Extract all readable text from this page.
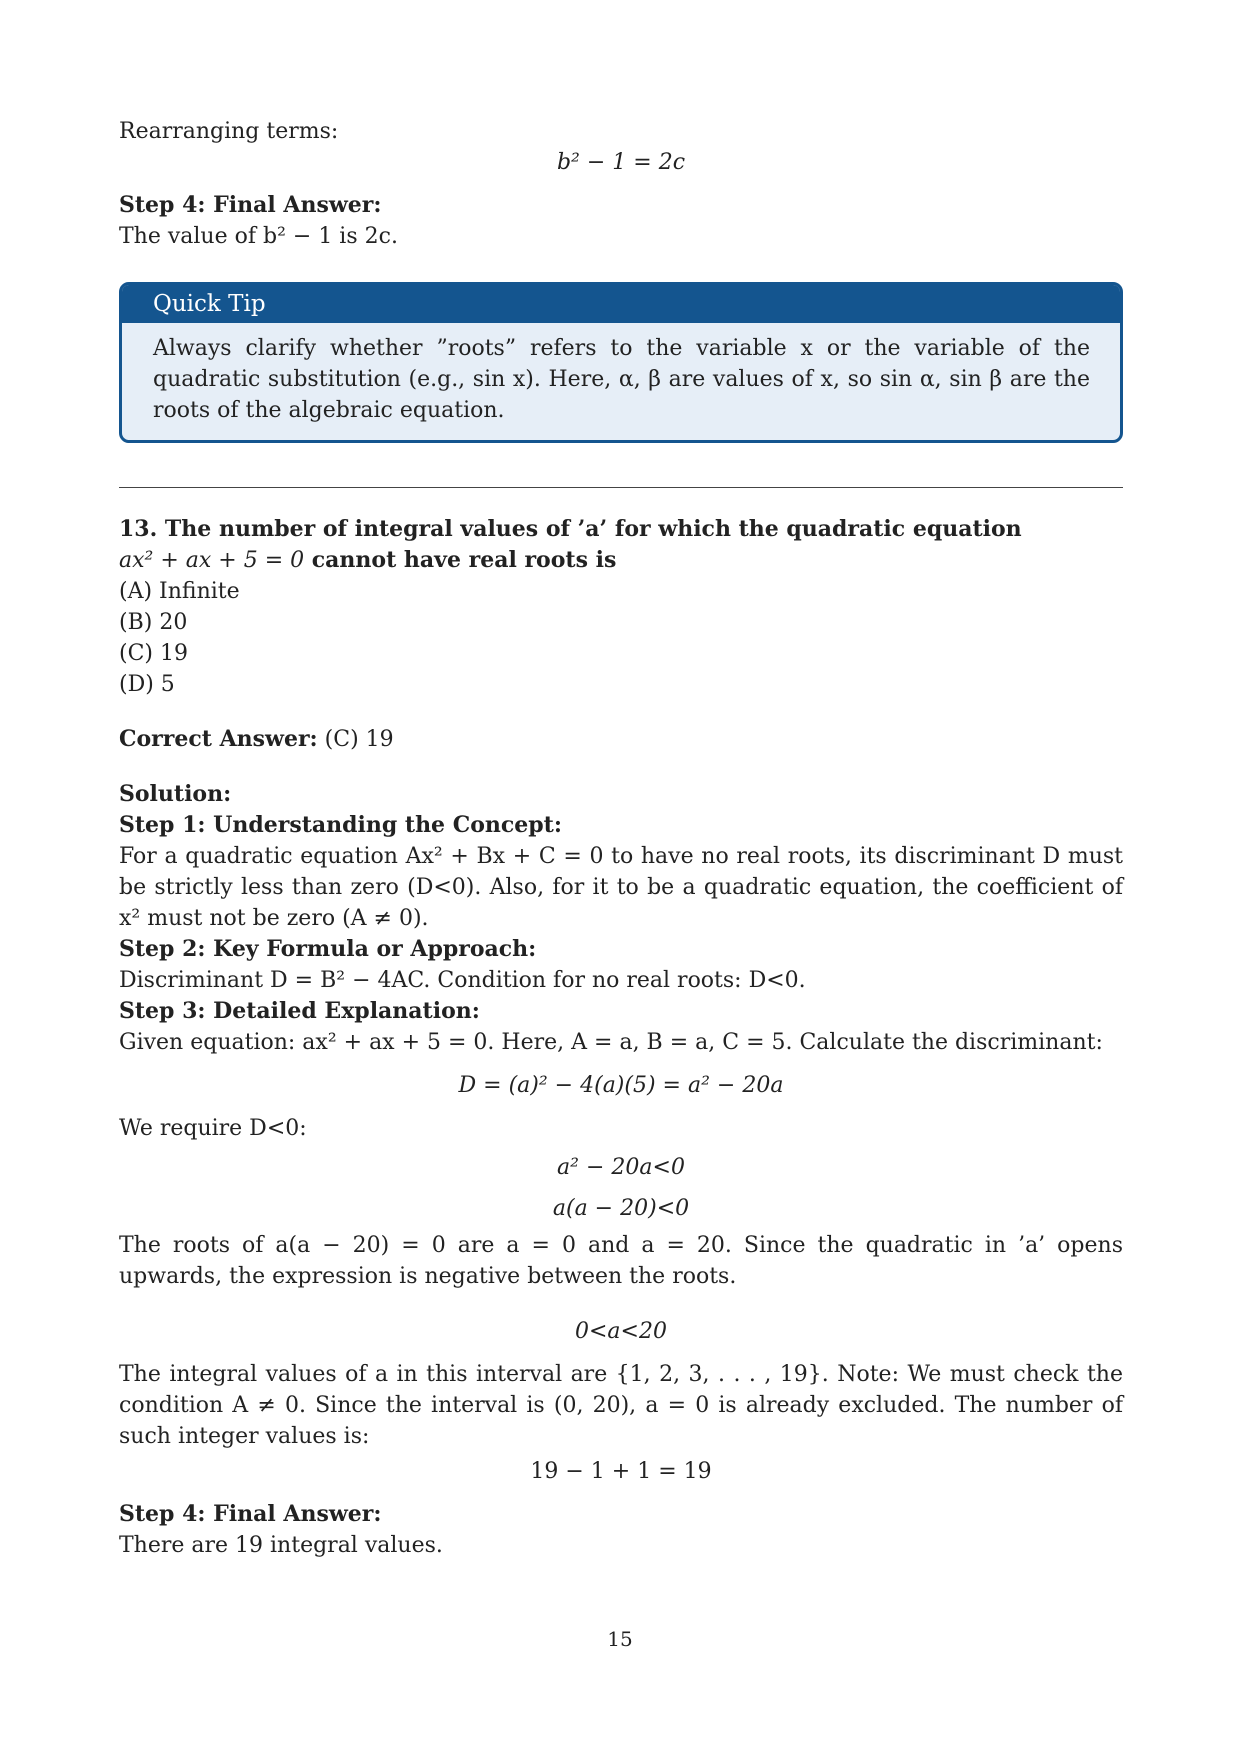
Rearranging terms:

b² − 1 = 2c

Step 4: Final Answer:

The value of b² − 1 is 2c.

Quick Tip
Always clarify whether ”roots” refers to the variable x or the variable of the quadratic substitution (e.g., sin x). Here, α, β are values of x, so sin α, sin β are the roots of the algebraic equation.

13. The number of integral values of ’a’ for which the quadratic equation

ax² + ax + 5 = 0 cannot have real roots is

(A) Infinite

(B) 20

(C) 19

(D) 5

Correct Answer: (C) 19

Solution:

Step 1: Understanding the Concept:

For a quadratic equation Ax² + Bx + C = 0 to have no real roots, its discriminant D must be strictly less than zero (D<0). Also, for it to be a quadratic equation, the coefficient of x² must not be zero (A ≠ 0).

Step 2: Key Formula or Approach:

Discriminant D = B² − 4AC. Condition for no real roots: D<0.

Step 3: Detailed Explanation:

Given equation: ax² + ax + 5 = 0. Here, A = a, B = a, C = 5. Calculate the discriminant:

D = (a)² − 4(a)(5) = a² − 20a

We require D<0:

a² − 20a<0

a(a − 20)<0

The roots of a(a − 20) = 0 are a = 0 and a = 20. Since the quadratic in ’a’ opens upwards, the expression is negative between the roots.

0<a<20

The integral values of a in this interval are {1, 2, 3, . . . , 19}. Note: We must check the condition A ≠ 0. Since the interval is (0, 20), a = 0 is already excluded. The number of such integer values is:

19 − 1 + 1 = 19

Step 4: Final Answer:

There are 19 integral values.

15
